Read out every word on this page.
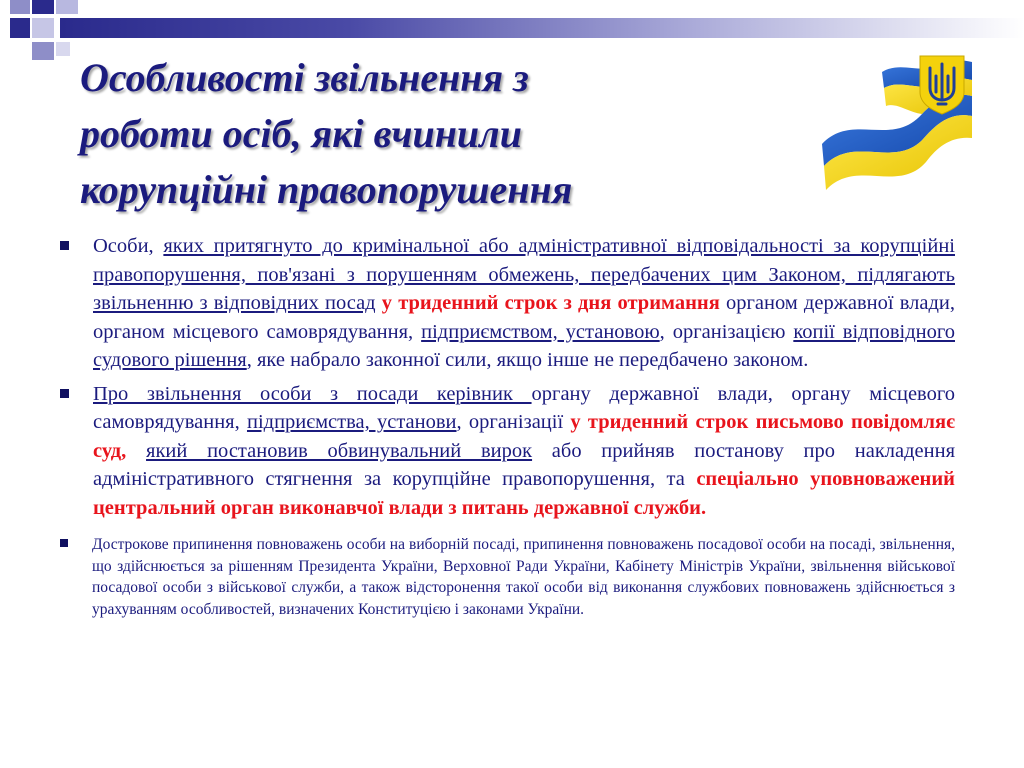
Особливості звільнення з
роботи осіб, які вчинили
корупційні правопорушення
Особи, яких притягнуто до кримінальної або адміністративної відповідальності за корупційні правопорушення, пов'язані з порушенням обмежень, передбачених цим Законом, підлягають звільненню з відповідних посад у триденний строк з дня отримання органом державної влади, органом місцевого самоврядування, підприємством, установою, організацією копії відповідного судового рішення, яке набрало законної сили, якщо інше не передбачено законом.
Про звільнення особи з посади керівник органу державної влади, органу місцевого самоврядування, підприємства, установи, організації у триденний строк письмово повідомляє суд, який постановив обвинувальний вирок або прийняв постанову про накладення адміністративного стягнення за корупційне правопорушення, та спеціально уповноважений центральний орган виконавчої влади з питань державної служби.
Дострокове припинення повноважень особи на виборній посаді, припинення повноважень посадової особи на посаді, звільнення, що здійснюється за рішенням Президента України, Верховної Ради України, Кабінету Міністрів України, звільнення військової посадової особи з військової служби, а також відсторонення такої особи від виконання службових повноважень здійснюється з урахуванням особливостей, визначених Конституцією і законами України.
